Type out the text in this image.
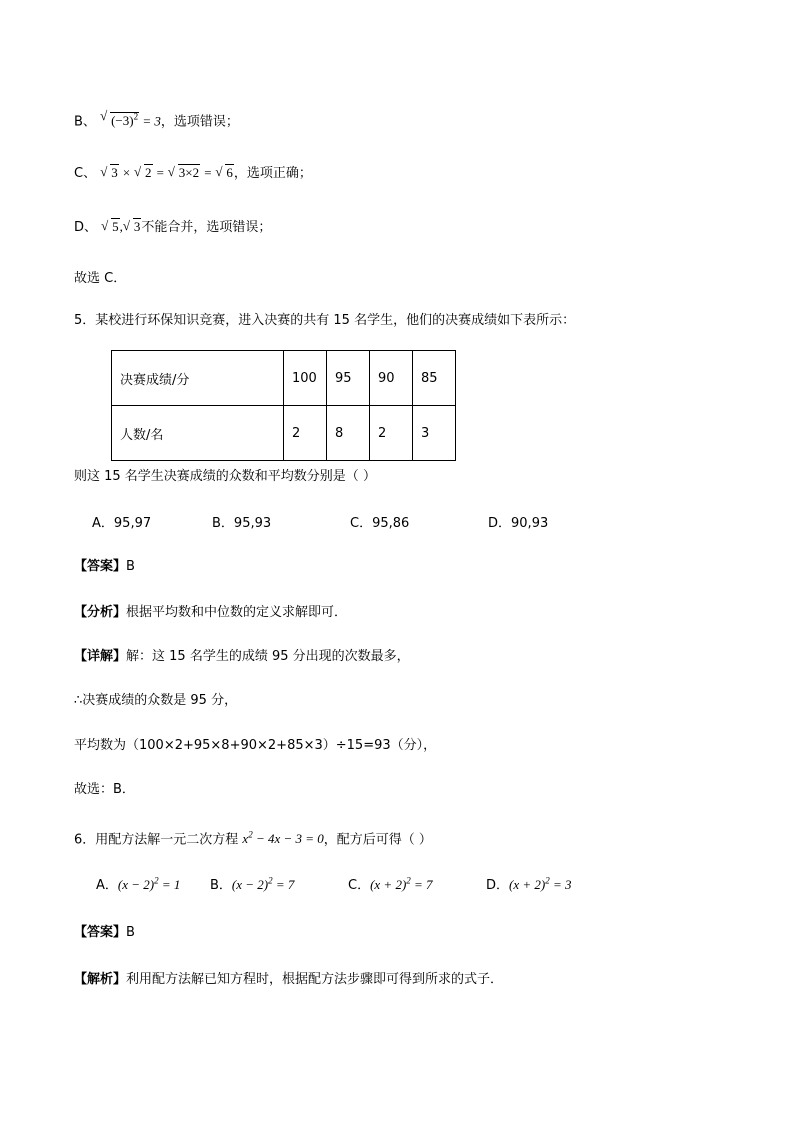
B、 √ $(-3)^2 = 3$，选项错误；
C、 √ 3 × √ 2 = √ 3×2 = √ 6，选项正确；
D、 √ 5, √ 3不能合并，选项错误；
故选 C．
5．某校进行环保知识竞赛，进入决赛的共有 15 名学生，他们的决赛成绩如下表所示：
决赛成绩/分	100	95	90	85
人数/名	2	8	2	3
则这 15 名学生决赛成绩的众数和平均数分别是（ ）
A．95,97	B．95,93	C．95,86	D．90,93
【答案】B
【分析】根据平均数和中位数的定义求解即可．
【详解】解：这 15 名学生的成绩 95 分出现的次数最多，
∴决赛成绩的众数是 95 分，
平均数为（100×2+95×8+90×2+85×3）÷15=93（分），
故选：B．
6．用配方法解一元二次方程 $x^2 - 4x - 3 = 0$，配方后可得（ ）
A．$(x - 2)^2 = 1$ B．$(x - 2)^2 = 7$	C．$(x + 2)^2 = 7$	D．$(x + 2)^2 = 3$
【答案】B
【解析】利用配方法解已知方程时，根据配方法步骤即可得到所求的式子．
